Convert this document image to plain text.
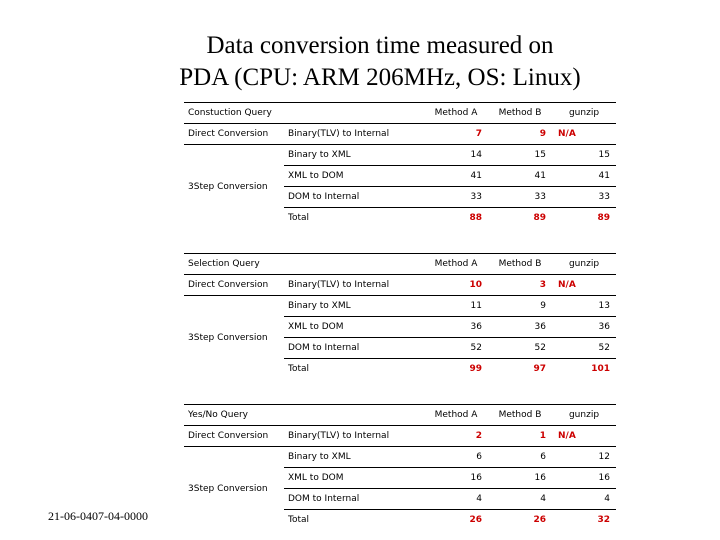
Data conversion time measured on
PDA (CPU: ARM 206MHz, OS: Linux)
Constuction Query		Method A	Method B	gunzip
Direct Conversion	Binary(TLV) to Internal	7	9	N/A
3Step Conversion	Binary to XML	14	15	15
	XML to DOM	41	41	41
	DOM to Internal	33	33	33
	Total	88	89	89
Selection Query		Method A	Method B	gunzip
Direct Conversion	Binary(TLV) to Internal	10	3	N/A
3Step Conversion	Binary to XML	11	9	13
	XML to DOM	36	36	36
	DOM to Internal	52	52	52
	Total	99	97	101
Yes/No Query		Method A	Method B	gunzip
Direct Conversion	Binary(TLV) to Internal	2	1	N/A
3Step Conversion	Binary to XML	6	6	12
	XML to DOM	16	16	16
	DOM to Internal	4	4	4
	Total	26	26	32
21-06-0407-04-0000
